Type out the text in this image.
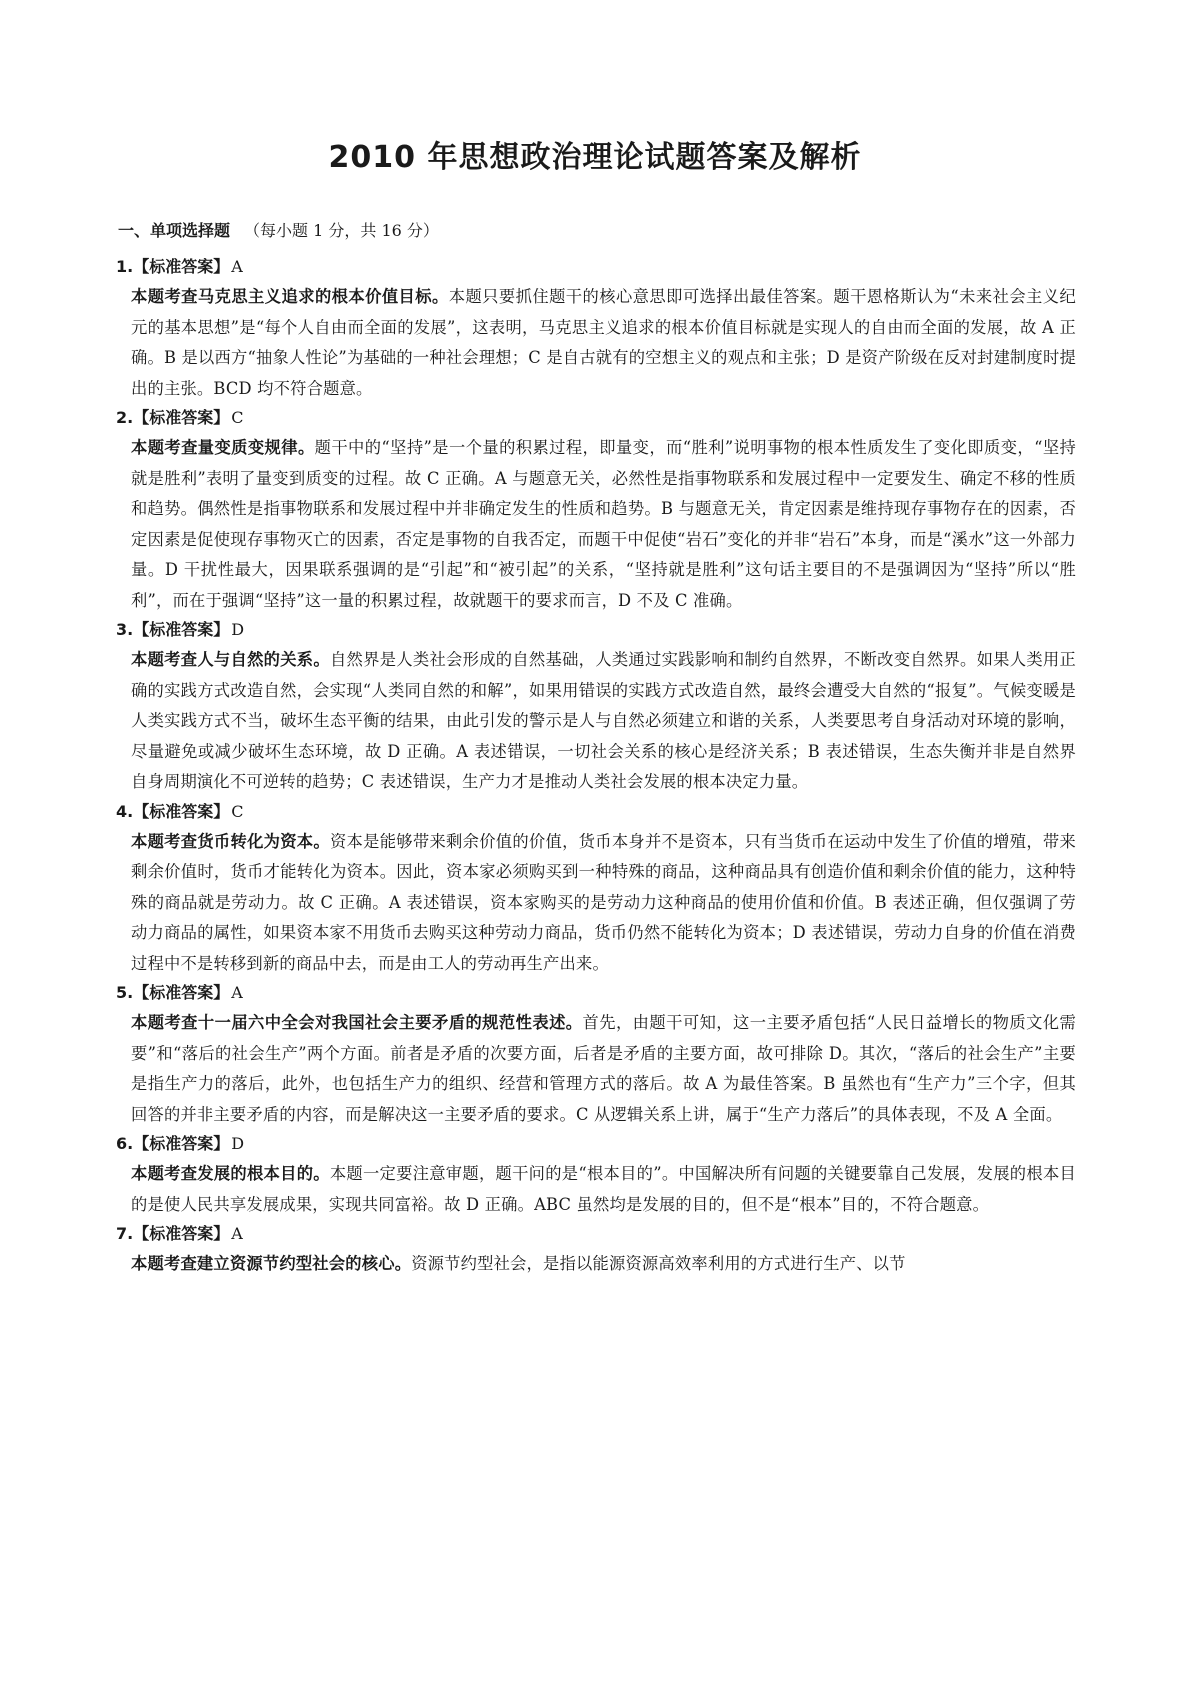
2010 年思想政治理论试题答案及解析
一、单项选择题 （每小题 1 分，共 16 分）
1.【标准答案】 A
本题考查马克思主义追求的根本价值目标。本题只要抓住题干的核心意思即可选择出最佳答案。题干恩格斯认为“未来社会主义纪元的基本思想”是“每个人自由而全面的发展”，这表明，马克思主义追求的根本价值目标就是实现人的自由而全面的发展，故 A 正确。B 是以西方“抽象人性论”为基础的一种社会理想；C 是自古就有的空想主义的观点和主张；D 是资产阶级在反对封建制度时提出的主张。BCD 均不符合题意。
2.【标准答案】 C
本题考查量变质变规律。题干中的“坚持”是一个量的积累过程，即量变，而“胜利”说明事物的根本性质发生了变化即质变，“坚持就是胜利”表明了量变到质变的过程。故 C 正确。A 与题意无关，必然性是指事物联系和发展过程中一定要发生、确定不移的性质和趋势。偶然性是指事物联系和发展过程中并非确定发生的性质和趋势。B 与题意无关，肯定因素是维持现存事物存在的因素，否定因素是促使现存事物灭亡的因素，否定是事物的自我否定，而题干中促使“岩石”变化的并非“岩石”本身，而是“溪水”这一外部力量。D 干扰性最大，因果联系强调的是“引起”和“被引起”的关系，“坚持就是胜利”这句话主要目的不是强调因为“坚持”所以“胜利”，而在于强调“坚持”这一量的积累过程，故就题干的要求而言，D 不及 C 准确。
3.【标准答案】 D
本题考查人与自然的关系。自然界是人类社会形成的自然基础，人类通过实践影响和制约自然界，不断改变自然界。如果人类用正确的实践方式改造自然，会实现“人类同自然的和解”，如果用错误的实践方式改造自然，最终会遭受大自然的“报复”。气候变暖是人类实践方式不当，破坏生态平衡的结果，由此引发的警示是人与自然必须建立和谐的关系，人类要思考自身活动对环境的影响，尽量避免或减少破坏生态环境，故 D 正确。A 表述错误，一切社会关系的核心是经济关系；B 表述错误，生态失衡并非是自然界自身周期演化不可逆转的趋势；C 表述错误，生产力才是推动人类社会发展的根本决定力量。
4.【标准答案】 C
本题考查货币转化为资本。资本是能够带来剩余价值的价值，货币本身并不是资本，只有当货币在运动中发生了价值的增殖，带来剩余价值时，货币才能转化为资本。因此，资本家必须购买到一种特殊的商品，这种商品具有创造价值和剩余价值的能力，这种特殊的商品就是劳动力。故 C 正确。A 表述错误，资本家购买的是劳动力这种商品的使用价值和价值。B 表述正确，但仅强调了劳动力商品的属性，如果资本家不用货币去购买这种劳动力商品，货币仍然不能转化为资本；D 表述错误，劳动力自身的价值在消费过程中不是转移到新的商品中去，而是由工人的劳动再生产出来。
5.【标准答案】 A
本题考查十一届六中全会对我国社会主要矛盾的规范性表述。首先，由题干可知，这一主要矛盾包括“人民日益增长的物质文化需要”和“落后的社会生产”两个方面。前者是矛盾的次要方面，后者是矛盾的主要方面，故可排除 D。其次，“落后的社会生产”主要是指生产力的落后，此外，也包括生产力的组织、经营和管理方式的落后。故 A 为最佳答案。B 虽然也有“生产力”三个字，但其回答的并非主要矛盾的内容，而是解决这一主要矛盾的要求。C 从逻辑关系上讲，属于“生产力落后”的具体表现，不及 A 全面。
6.【标准答案】 D
本题考查发展的根本目的。本题一定要注意审题，题干问的是“根本目的”。中国解决所有问题的关键要靠自己发展，发展的根本目的是使人民共享发展成果，实现共同富裕。故 D 正确。ABC 虽然均是发展的目的，但不是“根本”目的，不符合题意。
7.【标准答案】 A
本题考查建立资源节约型社会的核心。资源节约型社会，是指以能源资源高效率利用的方式进行生产、以节
